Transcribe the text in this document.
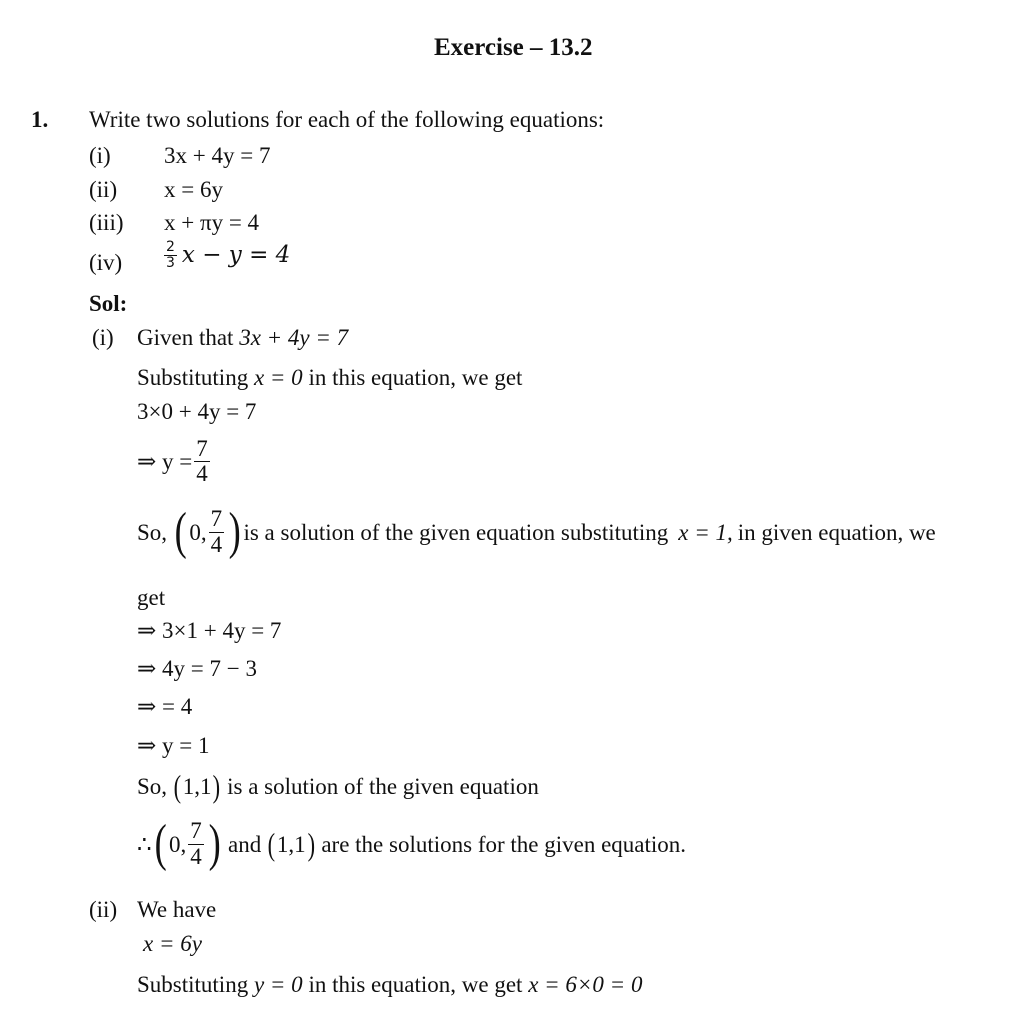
Exercise – 13.2
1. Write two solutions for each of the following equations:
(i) 3x + 4y = 7
(ii) x = 6y
(iii) x + πy = 4
(iv)	$\frac{2}{3}$ x − y = 4
Sol:
(i) Given that 3x + 4y = 7
Substituting x = 0 in this equation, we get
3×0 + 4y = 7
⇒ $y = \frac{7}{4}$
So, ( 0, $\frac{7}{4}$ ) is a solution of the given equation substituting x = 1, in given equation, we
get
⇒ 3×1 + 4y = 7
⇒ 4y = 7 − 3
⇒ = 4
⇒ y = 1
So, ( 1,1 ) is a solution of the given equation
∴ ( 0, $\frac{7}{4}$ ) and ( 1,1 ) are the solutions for the given equation.
(ii) We have
x = 6y
Substituting y = 0 in this equation, we get x = 6×0 = 0
